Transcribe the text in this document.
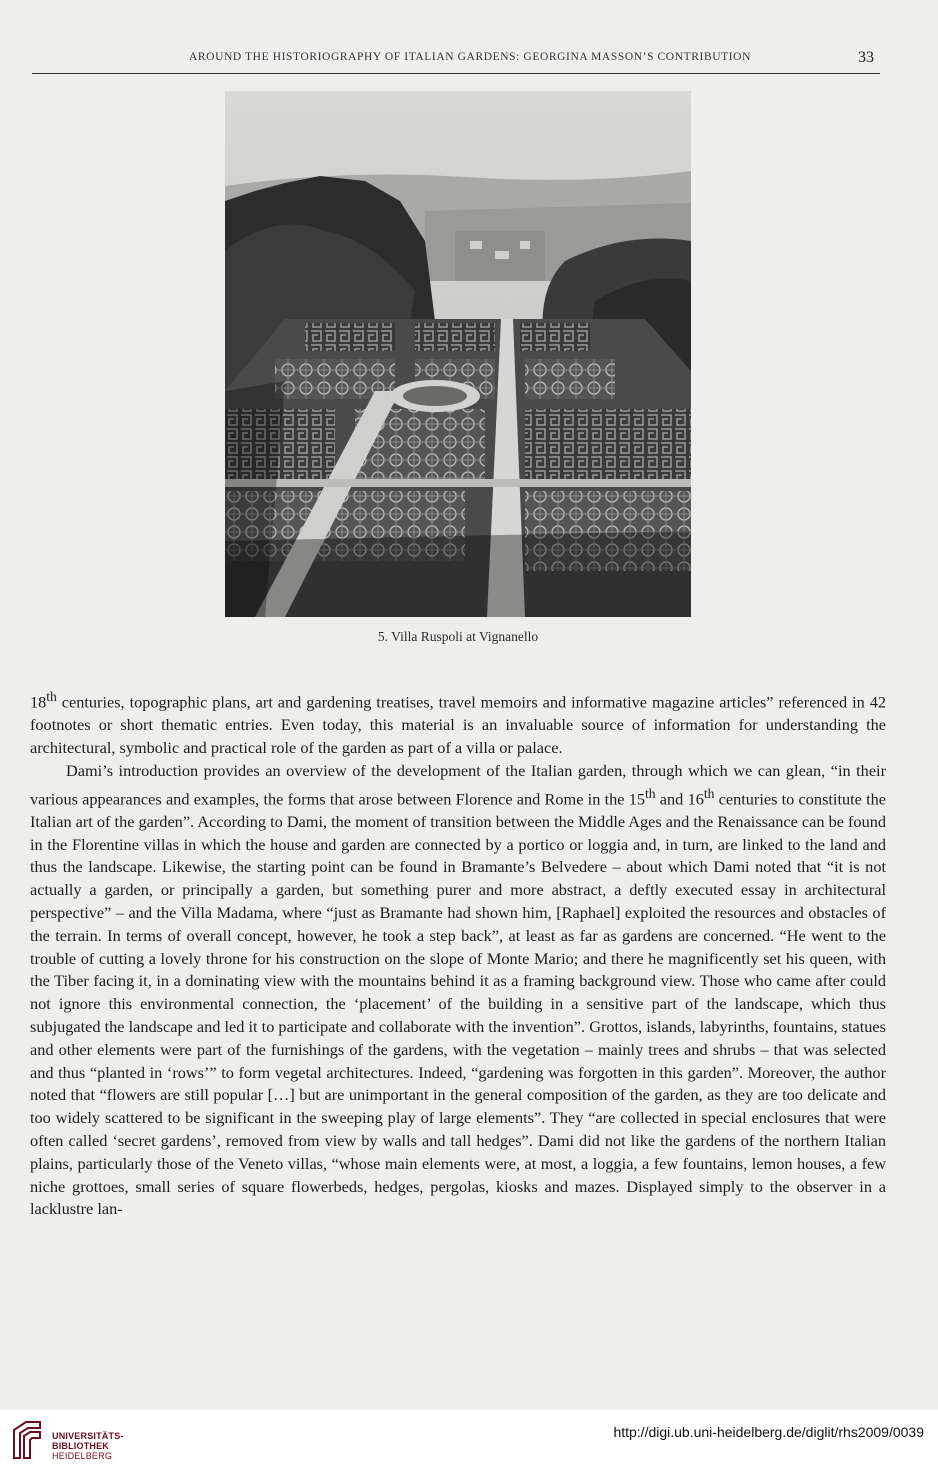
AROUND THE HISTORIOGRAPHY OF ITALIAN GARDENS: GEORGINA MASSON’S CONTRIBUTION	33
5. Villa Ruspoli at Vignanello

18th centuries, topographic plans, art and gardening treatises, travel memoirs and informative magazine articles” referenced in 42 footnotes or short thematic entries. Even today, this material is an invaluable source of information for understanding the architectural, symbolic and practical role of the garden as part of a villa or palace.

Dami’s introduction provides an overview of the development of the Italian garden, through which we can glean, “in their various appearances and examples, the forms that arose between Florence and Rome in the 15th and 16th centuries to constitute the Italian art of the garden”. According to Dami, the moment of transition between the Middle Ages and the Renaissance can be found in the Florentine villas in which the house and garden are connected by a portico or loggia and, in turn, are linked to the land and thus the landscape. Likewise, the starting point can be found in Bramante’s Belvedere – about which Dami noted that “it is not actually a garden, or principally a garden, but something purer and more abstract, a deftly executed essay in architectural perspective” – and the Villa Madama, where “just as Bramante had shown him, [Raphael] exploited the resources and obstacles of the terrain. In terms of overall concept, however, he took a step back”, at least as far as gardens are concerned. “He went to the trouble of cutting a lovely throne for his construction on the slope of Monte Mario; and there he magnificently set his queen, with the Tiber facing it, in a dominating view with the mountains behind it as a framing background view. Those who came after could not ignore this environmental connection, the ‘placement’ of the building in a sensitive part of the landscape, which thus subjugated the landscape and led it to participate and collaborate with the invention”. Grottos, islands, labyrinths, fountains, statues and other elements were part of the furnishings of the gardens, with the vegetation – mainly trees and shrubs – that was selected and thus “planted in ‘rows’” to form vegetal architectures. Indeed, “gardening was forgotten in this garden”. Moreover, the author noted that “flowers are still popular […] but are unimportant in the general composition of the garden, as they are too delicate and too widely scattered to be significant in the sweeping play of large elements”. They “are collected in special enclosures that were often called ‘secret gardens’, removed from view by walls and tall hedges”. Dami did not like the gardens of the northern Italian plains, particularly those of the Veneto villas, “whose main elements were, at most, a loggia, a few fountains, lemon houses, a few niche grottoes, small series of square flowerbeds, hedges, pergolas, kiosks and mazes. Displayed simply to the observer in a lacklustre lan-

UNIVERSITÄTS-
BIBLIOTHEK
HEIDELBERG
http://digi.ub.uni-heidelberg.de/diglit/rhs2009/0039
